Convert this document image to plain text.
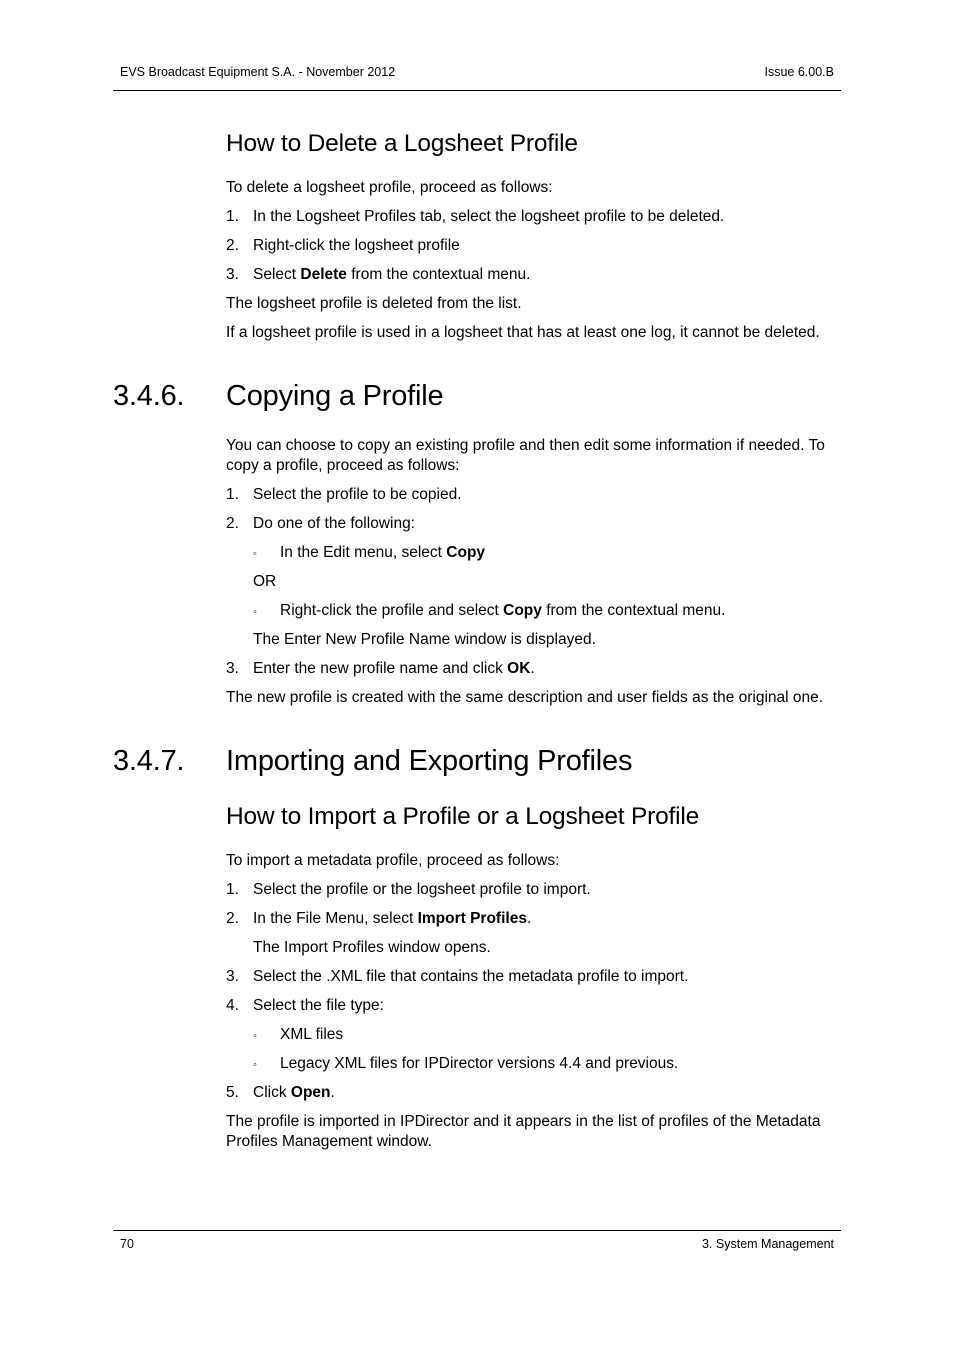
EVS Broadcast Equipment S.A. - November 2012	Issue 6.00.B
How to Delete a Logsheet Profile

To delete a logsheet profile, proceed as follows:

1. In the Logsheet Profiles tab, select the logsheet profile to be deleted.
2. Right-click the logsheet profile
3. Select Delete from the contextual menu.

The logsheet profile is deleted from the list.

If a logsheet profile is used in a logsheet that has at least one log, it cannot be deleted.

3.4.6. Copying a Profile

You can choose to copy an existing profile and then edit some information if needed. To copy a profile, proceed as follows:

1. Select the profile to be copied.
2. Do one of the following:
◦ In the Edit menu, select Copy
OR
◦ Right-click the profile and select Copy from the contextual menu.
The Enter New Profile Name window is displayed.
3. Enter the new profile name and click OK.

The new profile is created with the same description and user fields as the original one.

3.4.7. Importing and Exporting Profiles
How to Import a Profile or a Logsheet Profile

To import a metadata profile, proceed as follows:

1. Select the profile or the logsheet profile to import.
2. In the File Menu, select Import Profiles.
The Import Profiles window opens.
3. Select the .XML file that contains the metadata profile to import.
4. Select the file type:
◦ XML files
◦ Legacy XML files for IPDirector versions 4.4 and previous.
5. Click Open.

The profile is imported in IPDirector and it appears in the list of profiles of the Metadata Profiles Management window.

70	3. System Management
